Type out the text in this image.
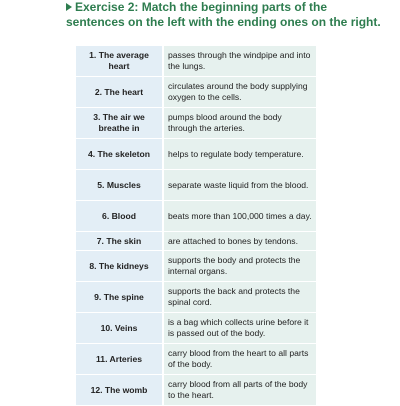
Exercise 2: Match the beginning parts of the sentences on the left with the ending ones on the right.
1. The average heart	passes through the windpipe and into the lungs.
2. The heart	circulates around the body supplying oxygen to the cells.
3. The air we breathe in	pumps blood around the body through the arteries.
4. The skeleton	helps to regulate body temperature.
5. Muscles	separate waste liquid from the blood.
6. Blood	beats more than 100,000 times a day.
7. The skin	are attached to bones by tendons.
8. The kidneys	supports the body and protects the internal organs.
9. The spine	supports the back and protects the spinal cord.
10. Veins	is a bag which collects urine before it is passed out of the body.
11. Arteries	carry blood from the heart to all parts of the body.
12. The womb	carry blood from all parts of the body to the heart.
